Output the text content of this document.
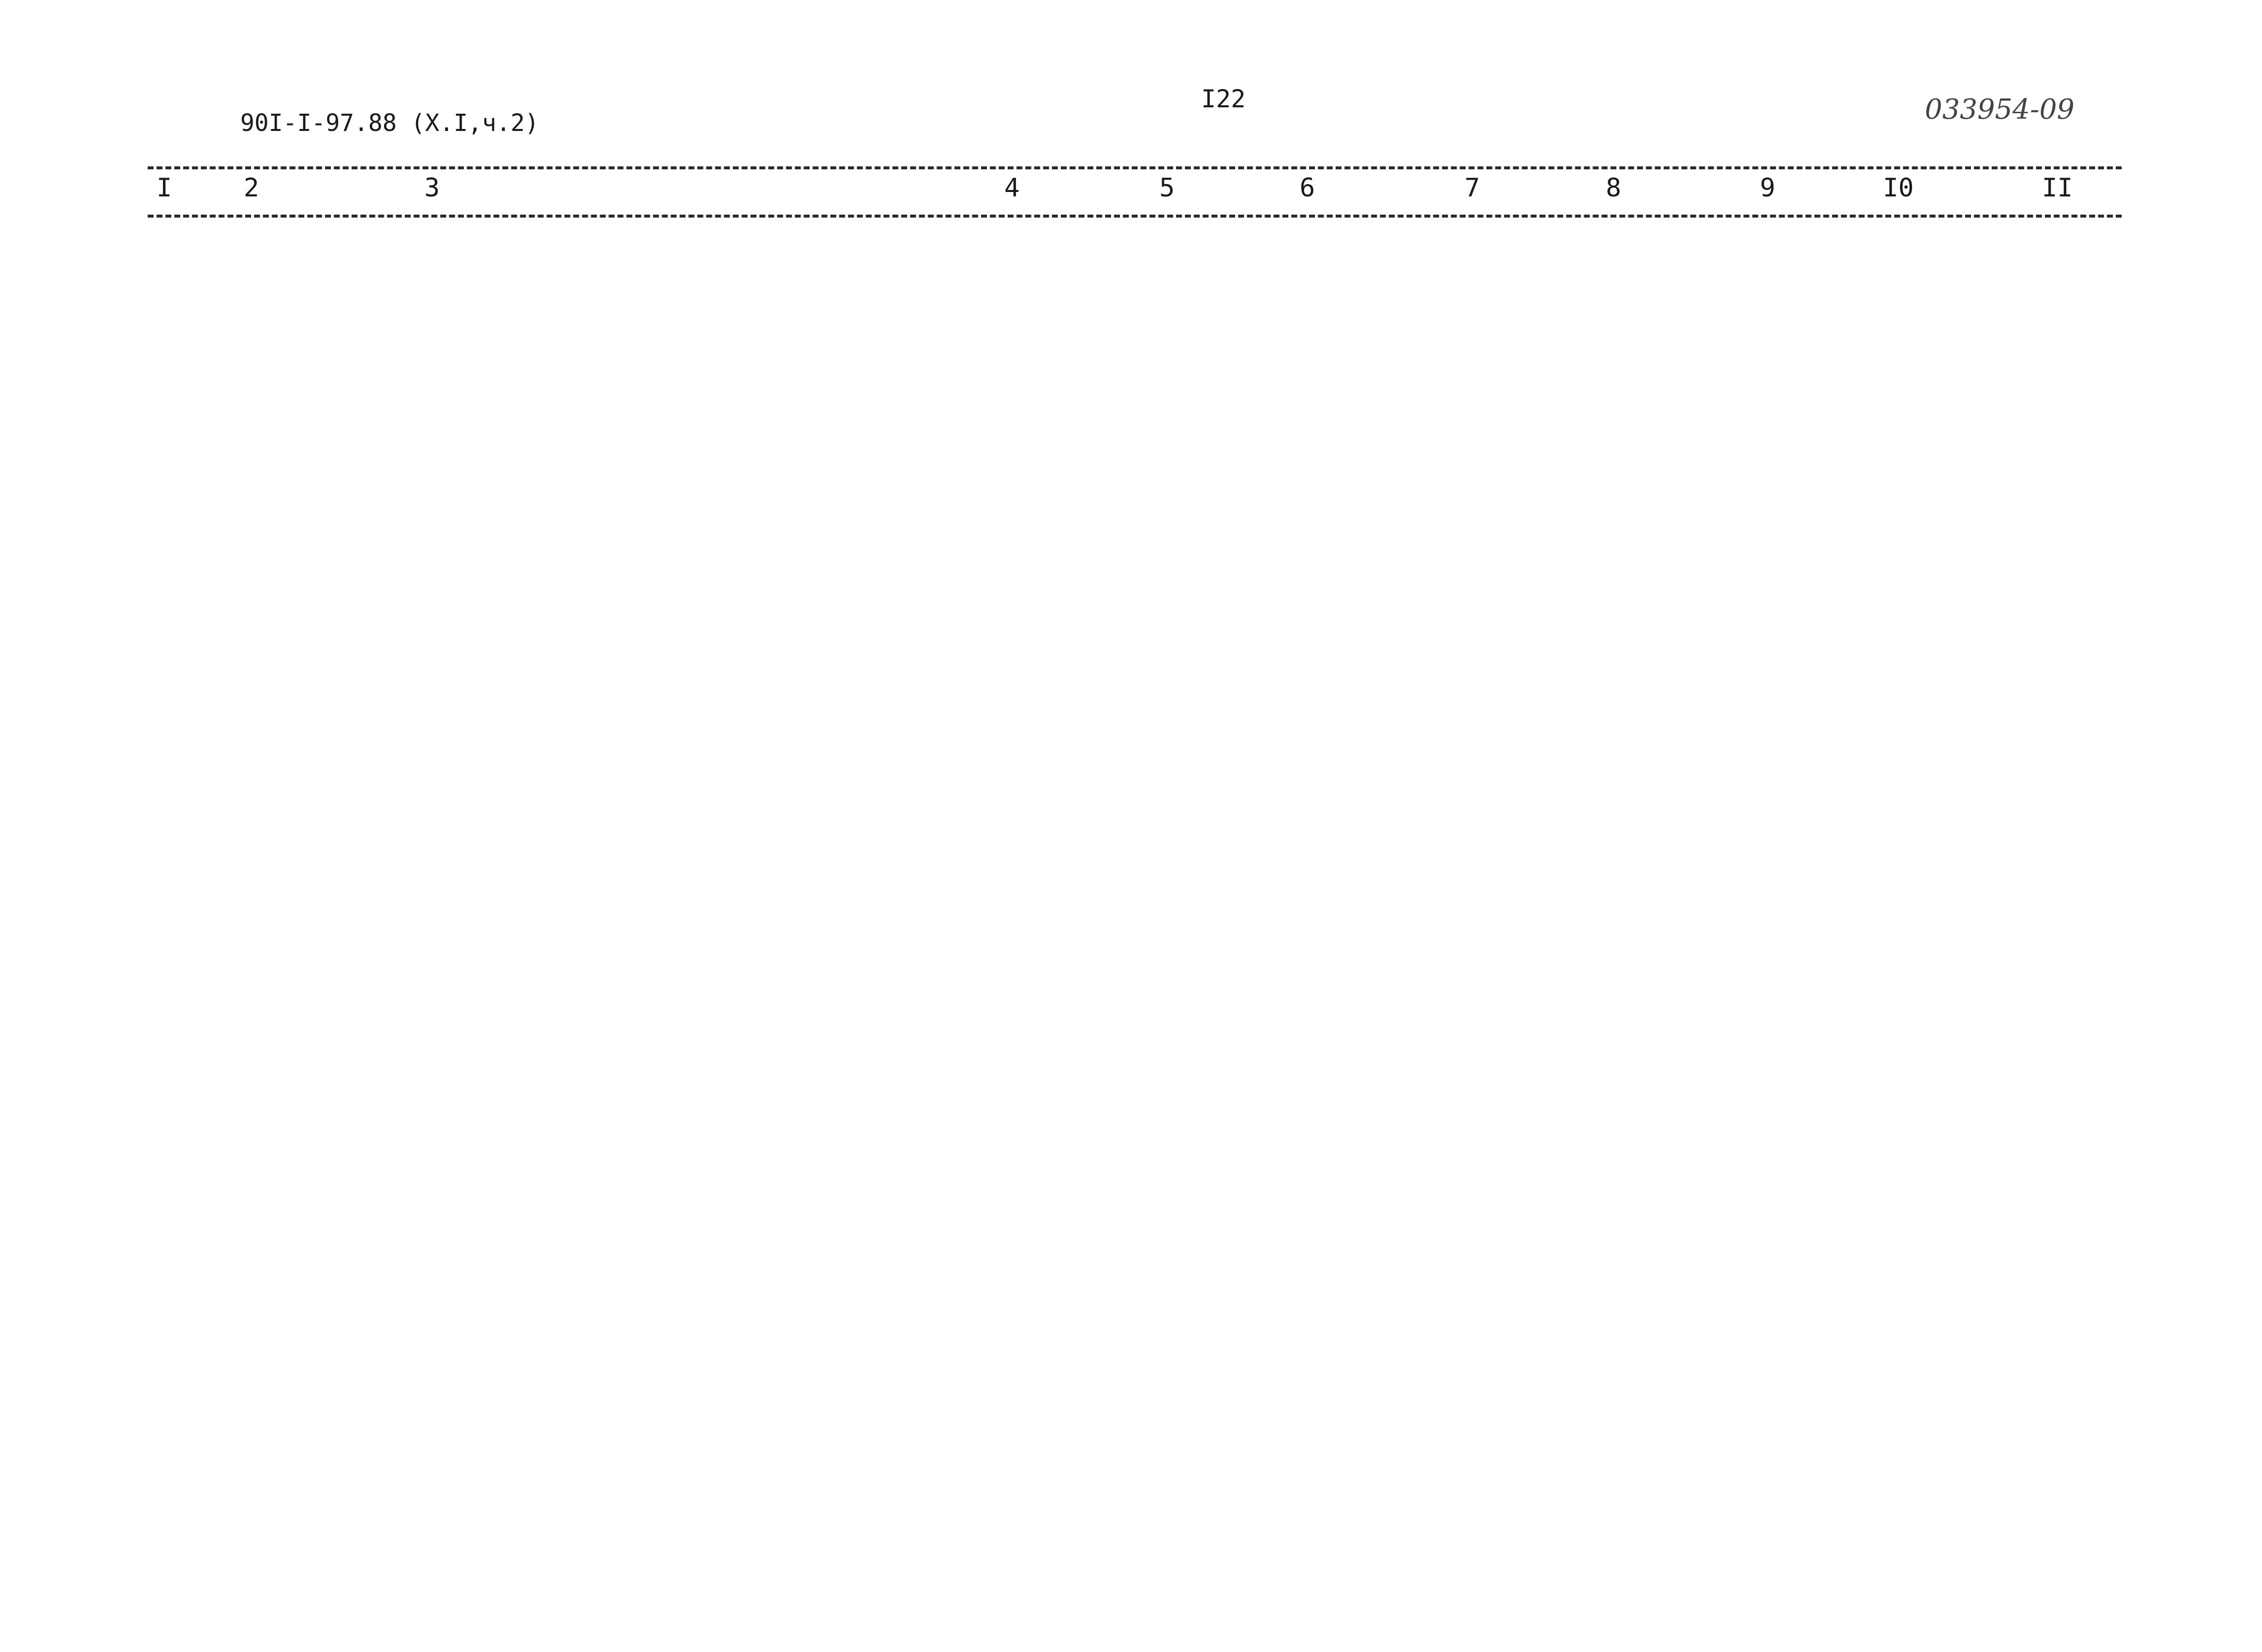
90I-I-97.88 (X.I,ч.2)
I22	033954-09
I	2	3	4	5	6	7	8	9	I0	II
